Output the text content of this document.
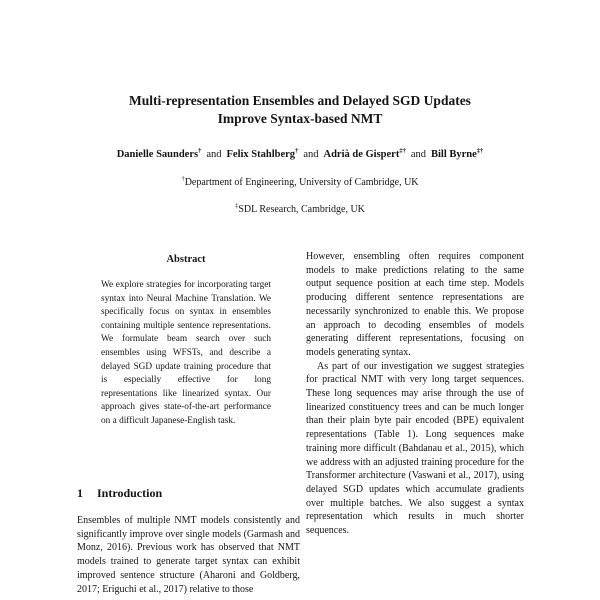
Multi-representation Ensembles and Delayed SGD Updates
Improve Syntax-based NMT
Danielle Saunders† and Felix Stahlberg† and Adrià de Gispert‡† and Bill Byrne‡†
†Department of Engineering, University of Cambridge, UK
‡SDL Research, Cambridge, UK
Abstract
We explore strategies for incorporating target syntax into Neural Machine Translation. We specifically focus on syntax in ensembles containing multiple sentence representations. We formulate beam search over such ensembles using WFSTs, and describe a delayed SGD update training procedure that is especially effective for long representations like linearized syntax. Our approach gives state-of-the-art performance on a difficult Japanese-English task.
1 Introduction
Ensembles of multiple NMT models consistently and significantly improve over single models (Garmash and Monz, 2016). Previous work has observed that NMT models trained to generate target syntax can exhibit improved sentence structure (Aharoni and Goldberg, 2017; Eriguchi et al., 2017) relative to those

However, ensembling often requires component models to make predictions relating to the same output sequence position at each time step. Models producing different sentence representations are necessarily synchronized to enable this. We propose an approach to decoding ensembles of models generating different representations, focusing on models generating syntax.

As part of our investigation we suggest strategies for practical NMT with very long target sequences. These long sequences may arise through the use of linearized constituency trees and can be much longer than their plain byte pair encoded (BPE) equivalent representations (Table 1). Long sequences make training more difficult (Bahdanau et al., 2015), which we address with an adjusted training procedure for the Transformer architecture (Vaswani et al., 2017), using delayed SGD updates which accumulate gradients over multiple batches. We also suggest a syntax representation which results in much shorter sequences.
